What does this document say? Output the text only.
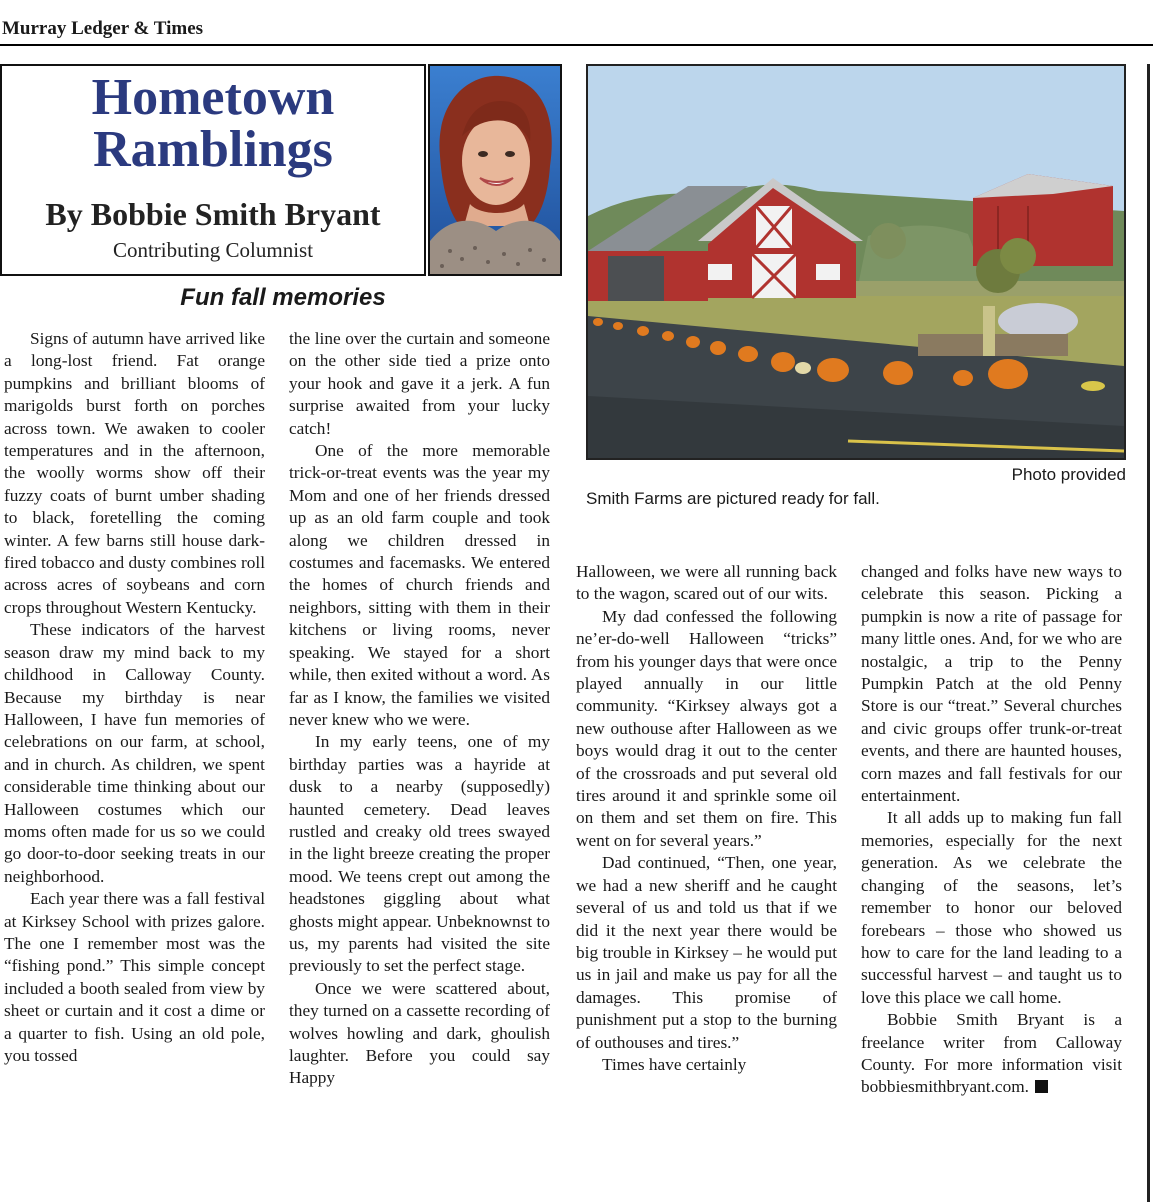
Murray Ledger & Times
Hometown
Ramblings
By Bobbie Smith Bryant
Contributing Columnist
Fun fall memories
Photo provided
Smith Farms are pictured ready for fall.

Signs of autumn have arrived like a long-lost friend. Fat orange pumpkins and brilliant blooms of marigolds burst forth on porches across town. We awaken to cooler temperatures and in the afternoon, the woolly worms show off their fuzzy coats of burnt umber shading to black, foretelling the coming winter. A few barns still house dark-fired tobacco and dusty combines roll across acres of soybeans and corn crops throughout Western Kentucky.

These indicators of the harvest season draw my mind back to my childhood in Calloway County. Because my birthday is near Halloween, I have fun memories of celebrations on our farm, at school, and in church. As children, we spent considerable time thinking about our Halloween costumes which our moms often made for us so we could go door-to-door seeking treats in our neighborhood.

Each year there was a fall festival at Kirksey School with prizes galore. The one I remember most was the “fishing pond.” This simple concept included a booth sealed from view by sheet or curtain and it cost a dime or a quarter to fish. Using an old pole, you tossed

the line over the curtain and someone on the other side tied a prize onto your hook and gave it a jerk. A fun surprise awaited from your lucky catch!

One of the more memorable trick-or-treat events was the year my Mom and one of her friends dressed up as an old farm couple and took along we children dressed in costumes and facemasks. We entered the homes of church friends and neighbors, sitting with them in their kitchens or living rooms, never speaking. We stayed for a short while, then exited without a word. As far as I know, the families we visited never knew who we were.

In my early teens, one of my birthday parties was a hayride at dusk to a nearby (supposedly) haunted cemetery. Dead leaves rustled and creaky old trees swayed in the light breeze creating the proper mood. We teens crept out among the headstones giggling about what ghosts might appear. Unbeknownst to us, my parents had visited the site previously to set the perfect stage.

Once we were scattered about, they turned on a cassette recording of wolves howling and dark, ghoulish laughter. Before you could say Happy

Halloween, we were all running back to the wagon, scared out of our wits.

My dad confessed the following ne’er-do-well Halloween “tricks” from his younger days that were once played annually in our little community. “Kirksey always got a new outhouse after Halloween as we boys would drag it out to the center of the crossroads and put several old tires around it and sprinkle some oil on them and set them on fire. This went on for several years.”

Dad continued, “Then, one year, we had a new sheriff and he caught several of us and told us that if we did it the next year there would be big trouble in Kirksey – he would put us in jail and make us pay for all the damages. This promise of punishment put a stop to the burning of outhouses and tires.”

Times have certainly

changed and folks have new ways to celebrate this season. Picking a pumpkin is now a rite of passage for many little ones. And, for we who are nostalgic, a trip to the Penny Pumpkin Patch at the old Penny Store is our “treat.” Several churches and civic groups offer trunk-or-treat events, and there are haunted houses, corn mazes and fall festivals for our entertainment.

It all adds up to making fun fall memories, especially for the next generation. As we celebrate the changing of the seasons, let’s remember to honor our beloved forebears – those who showed us how to care for the land leading to a successful harvest – and taught us to love this place we call home.

Bobbie Smith Bryant is a freelance writer from Calloway County. For more information visit bobbiesmithbryant.com.
